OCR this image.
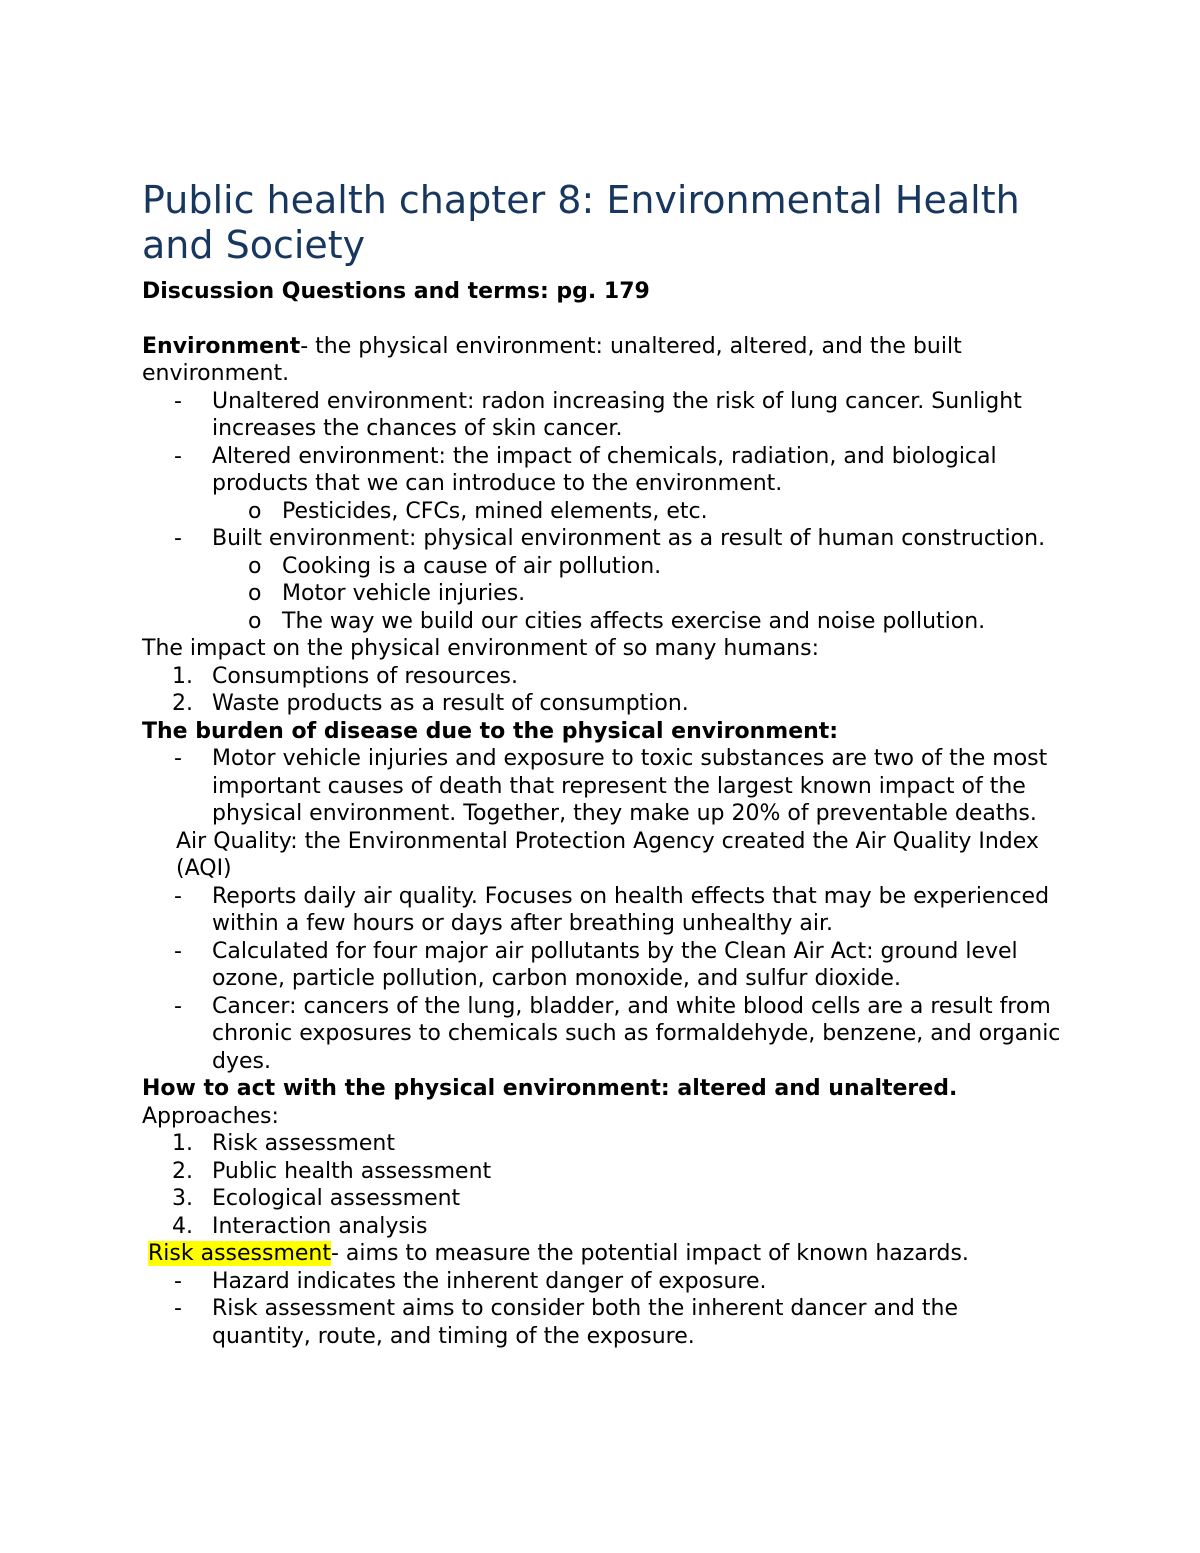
Public health chapter 8: Environmental Health and Society

Discussion Questions and terms: pg. 179

Environment- the physical environment: unaltered, altered, and the built environment.

- Unaltered environment: radon increasing the risk of lung cancer. Sunlight increases the chances of skin cancer.
- Altered environment: the impact of chemicals, radiation, and biological products that we can introduce to the environment.
o Pesticides, CFCs, mined elements, etc.
- Built environment: physical environment as a result of human construction.
o Cooking is a cause of air pollution.
o Motor vehicle injuries.
o The way we build our cities affects exercise and noise pollution.

The impact on the physical environment of so many humans:

1. Consumptions of resources.
2. Waste products as a result of consumption.

The burden of disease due to the physical environment:

- Motor vehicle injuries and exposure to toxic substances are two of the most important causes of death that represent the largest known impact of the physical environment. Together, they make up 20% of preventable deaths.

Air Quality: the Environmental Protection Agency created the Air Quality Index (AQI)

- Reports daily air quality. Focuses on health effects that may be experienced within a few hours or days after breathing unhealthy air.
- Calculated for four major air pollutants by the Clean Air Act: ground level ozone, particle pollution, carbon monoxide, and sulfur dioxide.
- Cancer: cancers of the lung, bladder, and white blood cells are a result from chronic exposures to chemicals such as formaldehyde, benzene, and organic dyes.

How to act with the physical environment: altered and unaltered.

Approaches:

1. Risk assessment
2. Public health assessment
3. Ecological assessment
4. Interaction analysis

Risk assessment- aims to measure the potential impact of known hazards.

- Hazard indicates the inherent danger of exposure.
- Risk assessment aims to consider both the inherent dancer and the quantity, route, and timing of the exposure.
